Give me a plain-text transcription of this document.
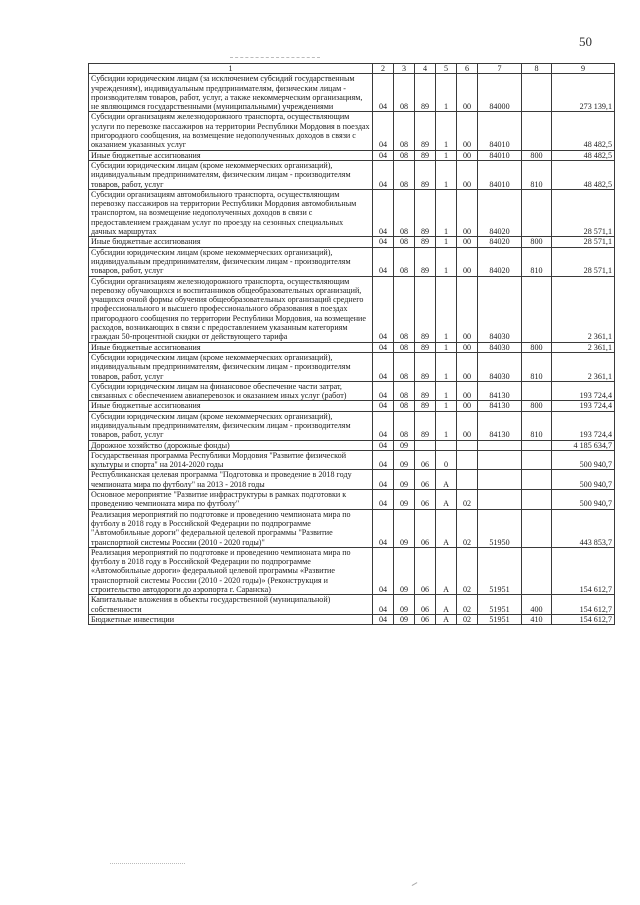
50
1	2	3	4	5	6	7	8	9
Субсидии юридическим лицам (за исключением субсидий государственным учреждениям), индивидуальным предпринимателям, физическим лицам - производителям товаров, работ, услуг, а также некоммерческим организациям, не являющимся государственными (муниципальными) учреждениями	04	08	89	1	00	84000		273 139,1
Субсидии организациям железнодорожного транспорта, осуществляющим услуги по перевозке пассажиров на территории Республики Мордовия в поездах пригородного сообщения, на возмещение недополученных доходов в связи с оказанием указанных услуг	04	08	89	1	00	84010		48 482,5
Иные бюджетные ассигнования	04	08	89	1	00	84010	800	48 482,5
Субсидии юридическим лицам (кроме некоммерческих организаций), индивидуальным предпринимателям, физическим лицам - производителям товаров, работ, услуг	04	08	89	1	00	84010	810	48 482,5
Субсидии организациям автомобильного транспорта, осуществляющим перевозку пассажиров на территории Республики Мордовия автомобильным транспортом, на возмещение недополученных доходов в связи с предоставлением гражданам услуг по проезду на сезонных специальных дачных маршрутах	04	08	89	1	00	84020		28 571,1
Иные бюджетные ассигнования	04	08	89	1	00	84020	800	28 571,1
Субсидии юридическим лицам (кроме некоммерческих организаций), индивидуальным предпринимателям, физическим лицам - производителям товаров, работ, услуг	04	08	89	1	00	84020	810	28 571,1
Субсидии организациям железнодорожного транспорта, осуществляющим перевозку обучающихся и воспитанников общеобразовательных организаций, учащихся очной формы обучения общеобразовательных организаций среднего профессионального и высшего профессионального образования в поездах пригородного сообщения по территории Республики Мордовия, на возмещение расходов, возникающих в связи с предоставлением указанным категориям граждан 50-процентной скидки от действующего тарифа	04	08	89	1	00	84030		2 361,1
Иные бюджетные ассигнования	04	08	89	1	00	84030	800	2 361,1
Субсидии юридическим лицам (кроме некоммерческих организаций), индивидуальным предпринимателям, физическим лицам - производителям товаров, работ, услуг	04	08	89	1	00	84030	810	2 361,1
Субсидии юридическим лицам на финансовое обеспечение части затрат, связанных с обеспечением авиаперевозок и оказанием иных услуг (работ)	04	08	89	1	00	84130		193 724,4
Иные бюджетные ассигнования	04	08	89	1	00	84130	800	193 724,4
Субсидии юридическим лицам (кроме некоммерческих организаций), индивидуальным предпринимателям, физическим лицам - производителям товаров, работ, услуг	04	08	89	1	00	84130	810	193 724,4
Дорожное хозяйство (дорожные фонды)	04	09						4 185 634,7
Государственная программа Республики Мордовия "Развитие физической культуры и спорта" на 2014-2020 годы	04	09	06	0				500 940,7
Республиканская целевая программа "Подготовка и проведение в 2018 году чемпионата мира по футболу" на 2013 - 2018 годы	04	09	06	А				500 940,7
Основное мероприятие "Развитие инфраструктуры в рамках подготовки к проведению чемпионата мира по футболу"	04	09	06	А	02			500 940,7
Реализация мероприятий по подготовке и проведению чемпионата мира по футболу в 2018 году в Российской Федерации по подпрограмме "Автомобильные дороги" федеральной целевой программы "Развитие транспортной системы России (2010 - 2020 годы)"	04	09	06	А	02	51950		443 853,7
Реализация мероприятий по подготовке и проведению чемпионата мира по футболу в 2018 году в Российской Федерации по подпрограмме «Автомобильные дороги» федеральной целевой программы «Развитие транспортной системы России (2010 - 2020 годы)» (Реконструкция и строительство автодороги до аэропорта г. Саранска)	04	09	06	А	02	51951		154 612,7
Капитальные вложения в объекты государственной (муниципальной) собственности	04	09	06	А	02	51951	400	154 612,7
Бюджетные инвестиции	04	09	06	А	02	51951	410	154 612,7
